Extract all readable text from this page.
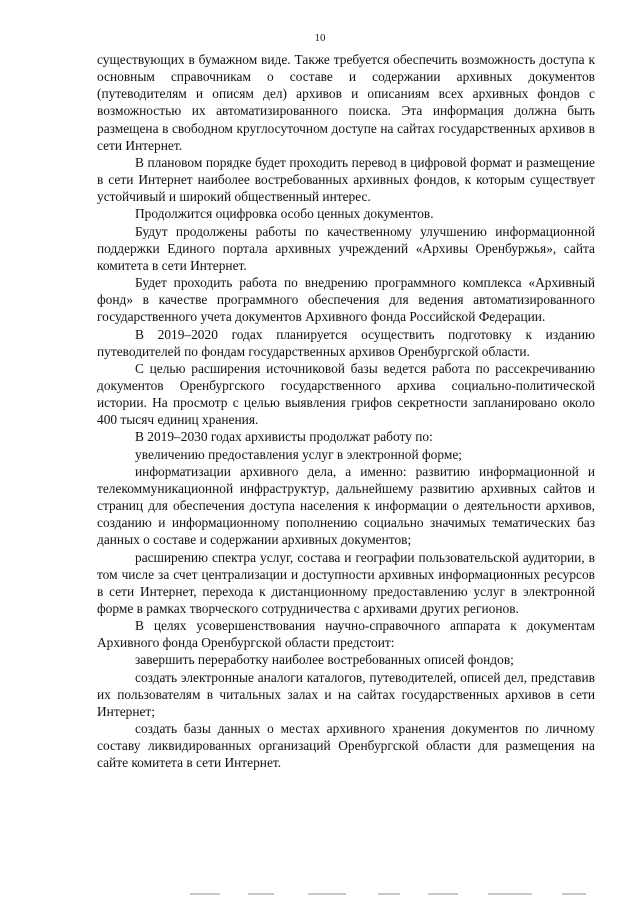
10

существующих в бумажном виде. Также требуется обеспечить возможность доступа к основным справочникам о составе и содержании архивных документов (путеводителям и описям дел) архивов и описаниям всех архивных фондов с возможностью их автоматизированного поиска. Эта информация должна быть размещена в свободном круглосуточном доступе на сайтах государственных архивов в сети Интернет.

В плановом порядке будет проходить перевод в цифровой формат и размещение в сети Интернет наиболее востребованных архивных фондов, к которым существует устойчивый и широкий общественный интерес.

Продолжится оцифровка особо ценных документов.

Будут продолжены работы по качественному улучшению информационной поддержки Единого портала архивных учреждений «Архивы Оренбуржья», сайта комитета в сети Интернет.

Будет проходить работа по внедрению программного комплекса «Архивный фонд» в качестве программного обеспечения для ведения автоматизированного государственного учета документов Архивного фонда Российской Федерации.

В 2019–2020 годах планируется осуществить подготовку к изданию путеводителей по фондам государственных архивов Оренбургской области.

С целью расширения источниковой базы ведется работа по рассекречиванию документов Оренбургского государственного архива социально-политической истории. На просмотр с целью выявления грифов секретности запланировано около 400 тысяч единиц хранения.

В 2019–2030 годах архивисты продолжат работу по:

увеличению предоставления услуг в электронной форме;

информатизации архивного дела, а именно: развитию информационной и телекоммуникационной инфраструктур, дальнейшему развитию архивных сайтов и страниц для обеспечения доступа населения к информации о деятельности архивов, созданию и информационному пополнению социально значимых тематических баз данных о составе и содержании архивных документов;

расширению спектра услуг, состава и географии пользовательской аудитории, в том числе за счет централизации и доступности архивных информационных ресурсов в сети Интернет, перехода к дистанционному предоставлению услуг в электронной форме в рамках творческого сотрудничества с архивами других регионов.

В целях усовершенствования научно-справочного аппарата к документам Архивного фонда Оренбургской области предстоит:

завершить переработку наиболее востребованных описей фондов;

создать электронные аналоги каталогов, путеводителей, описей дел, представив их пользователям в читальных залах и на сайтах государственных архивов в сети Интернет;

создать базы данных о местах архивного хранения документов по личному составу ликвидированных организаций Оренбургской области для размещения на сайте комитета в сети Интернет.
